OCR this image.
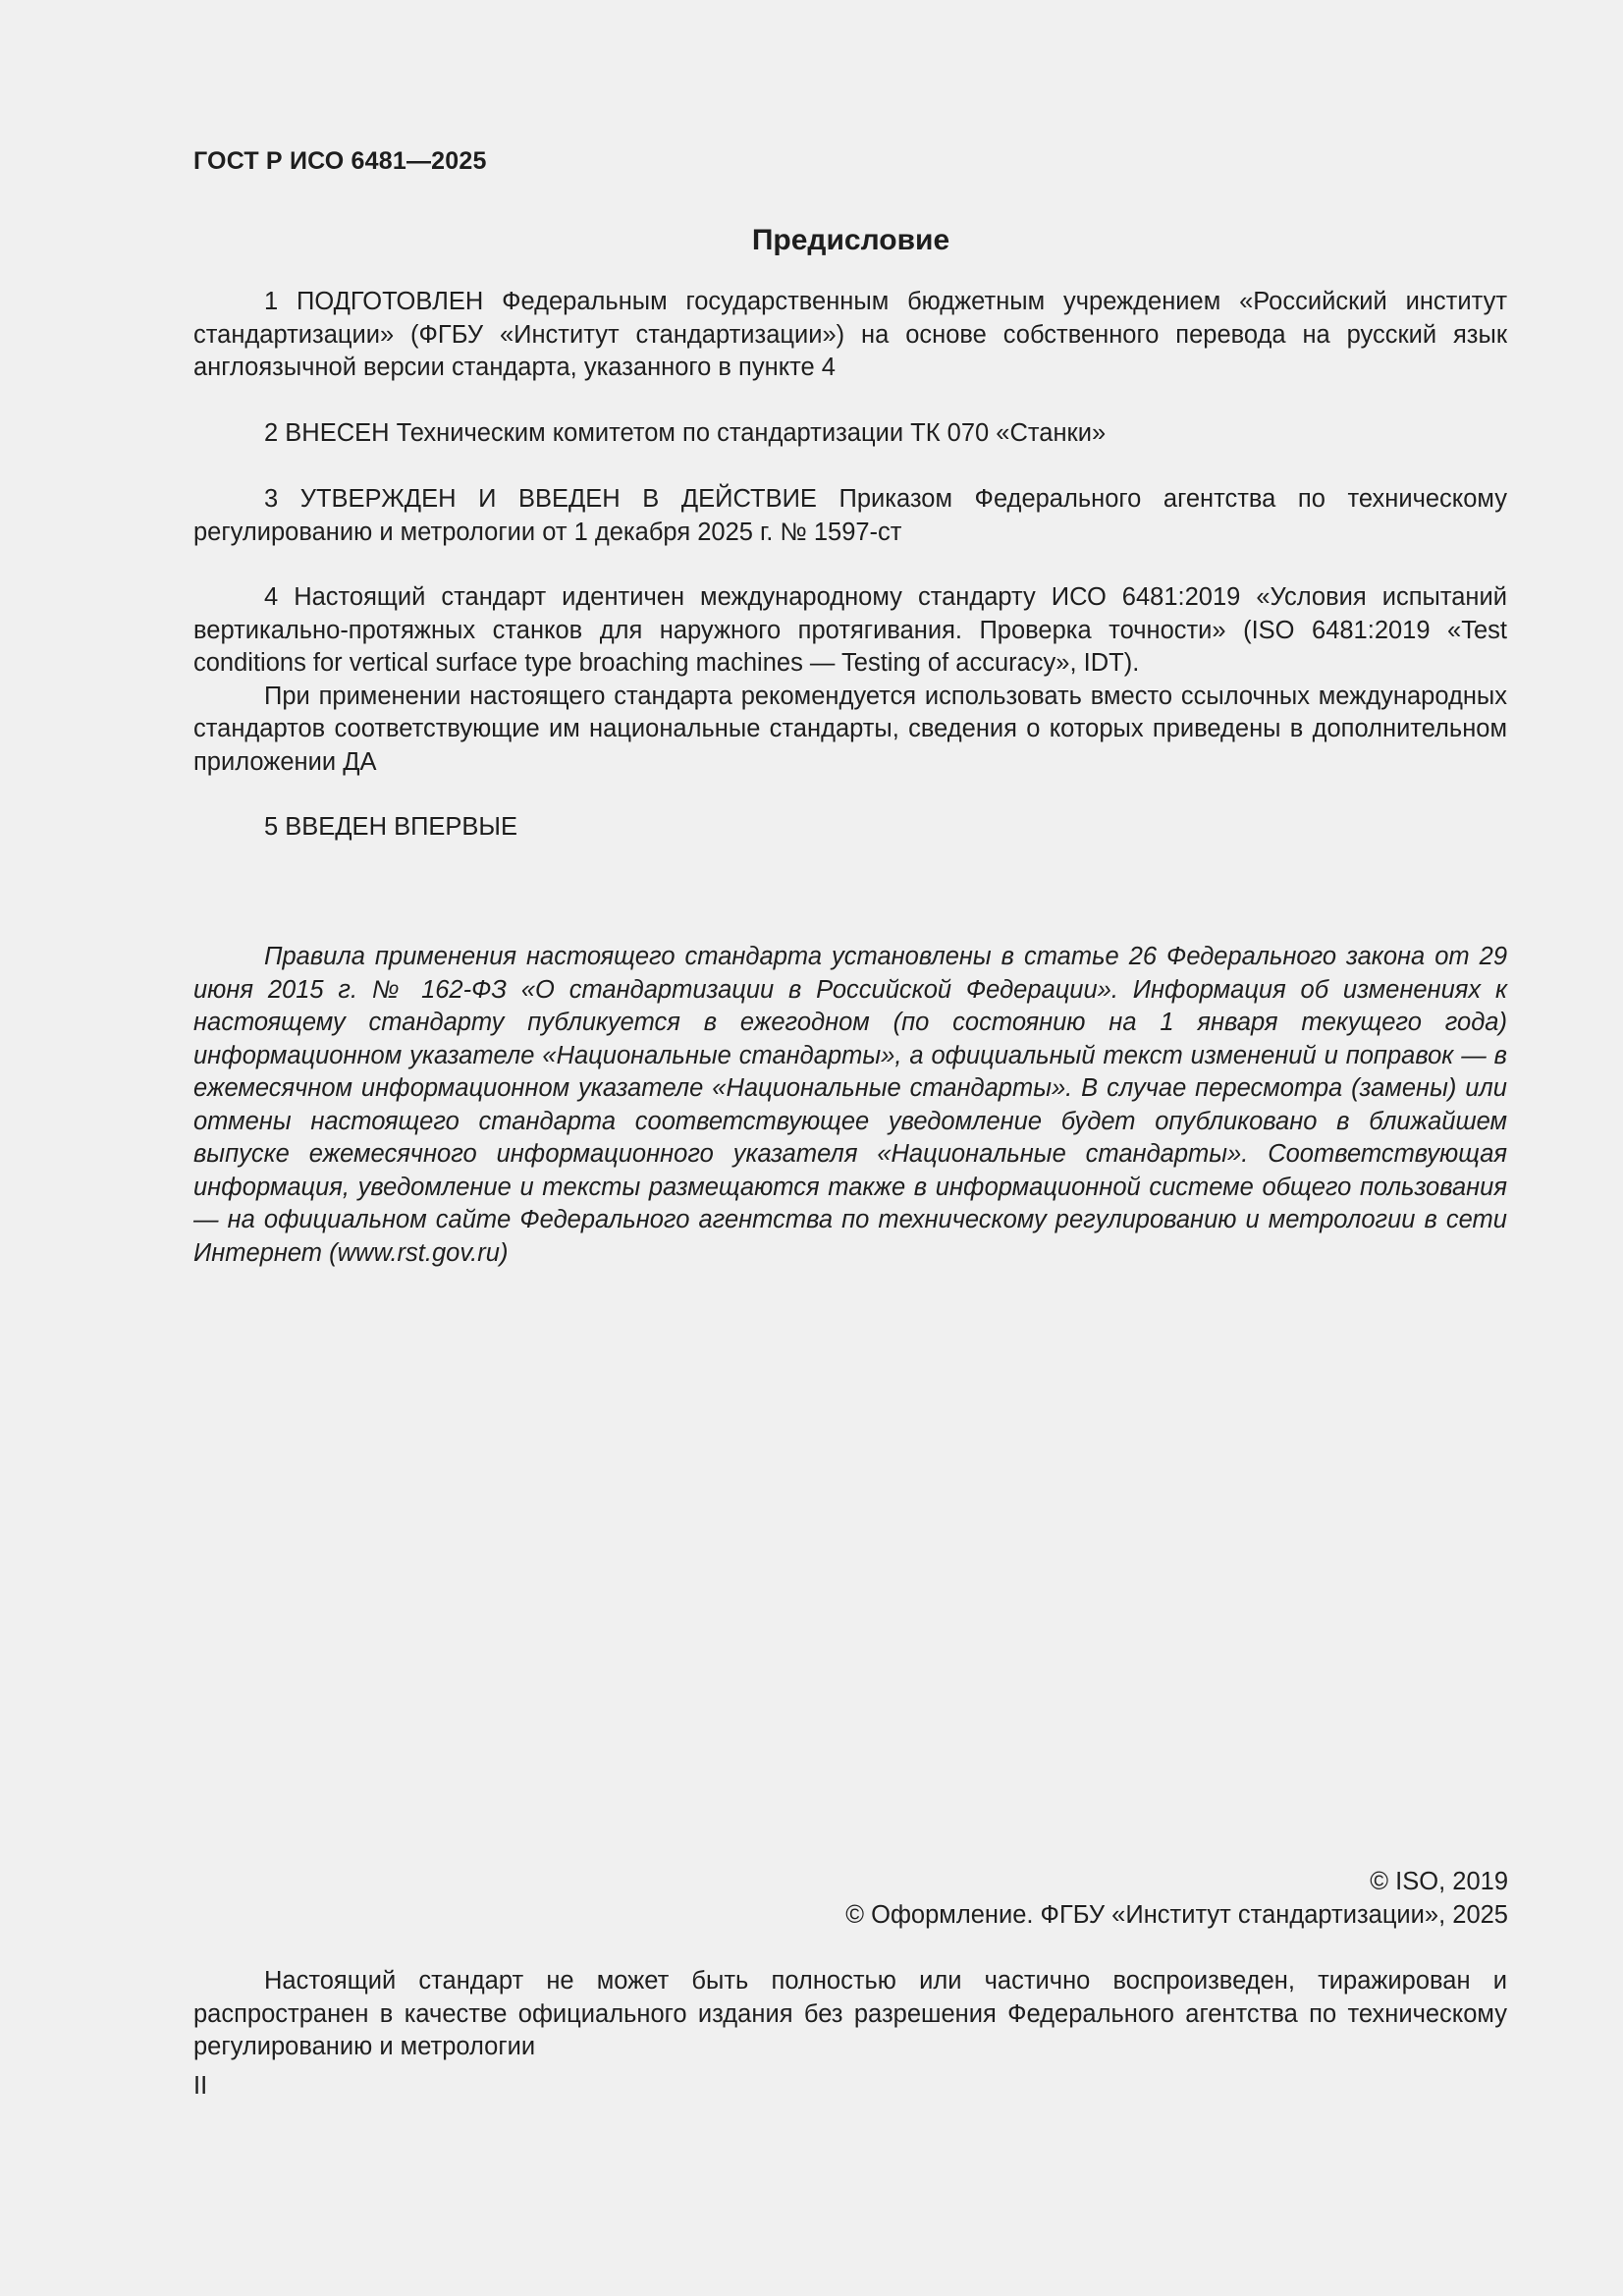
ГОСТ Р ИСО 6481—2025
Предисловие

1 ПОДГОТОВЛЕН Федеральным государственным бюджетным учреждением «Российский институт стандартизации» (ФГБУ «Институт стандартизации») на основе собственного перевода на русский язык англоязычной версии стандарта, указанного в пункте 4

2 ВНЕСЕН Техническим комитетом по стандартизации ТК 070 «Станки»

3 УТВЕРЖДЕН И ВВЕДЕН В ДЕЙСТВИЕ Приказом Федерального агентства по техническому регулированию и метрологии от 1 декабря 2025 г. № 1597-ст

4 Настоящий стандарт идентичен международному стандарту ИСО 6481:2019 «Условия испытаний вертикально-протяжных станков для наружного протягивания. Проверка точности» (ISO 6481:2019 «Test conditions for vertical surface type broaching machines — Testing of accuracy», IDT).

При применении настоящего стандарта рекомендуется использовать вместо ссылочных международных стандартов соответствующие им национальные стандарты, сведения о которых приведены в дополнительном приложении ДА

5 ВВЕДЕН ВПЕРВЫЕ

Правила применения настоящего стандарта установлены в статье 26 Федерального закона от 29 июня 2015 г. № 162-ФЗ «О стандартизации в Российской Федерации». Информация об изменениях к настоящему стандарту публикуется в ежегодном (по состоянию на 1 января текущего года) информационном указателе «Национальные стандарты», а официальный текст изменений и поправок — в ежемесячном информационном указателе «Национальные стандарты». В случае пересмотра (замены) или отмены настоящего стандарта соответствующее уведомление будет опубликовано в ближайшем выпуске ежемесячного информационного указателя «Национальные стандарты». Соответствующая информация, уведомление и тексты размещаются также в информационной системе общего пользования — на официальном сайте Федерального агентства по техническому регулированию и метрологии в сети Интернет (www.rst.gov.ru)

© ISO, 2019
© Оформление. ФГБУ «Институт стандартизации», 2025

Настоящий стандарт не может быть полностью или частично воспроизведен, тиражирован и распространен в качестве официального издания без разрешения Федерального агентства по техническому регулированию и метрологии

II
